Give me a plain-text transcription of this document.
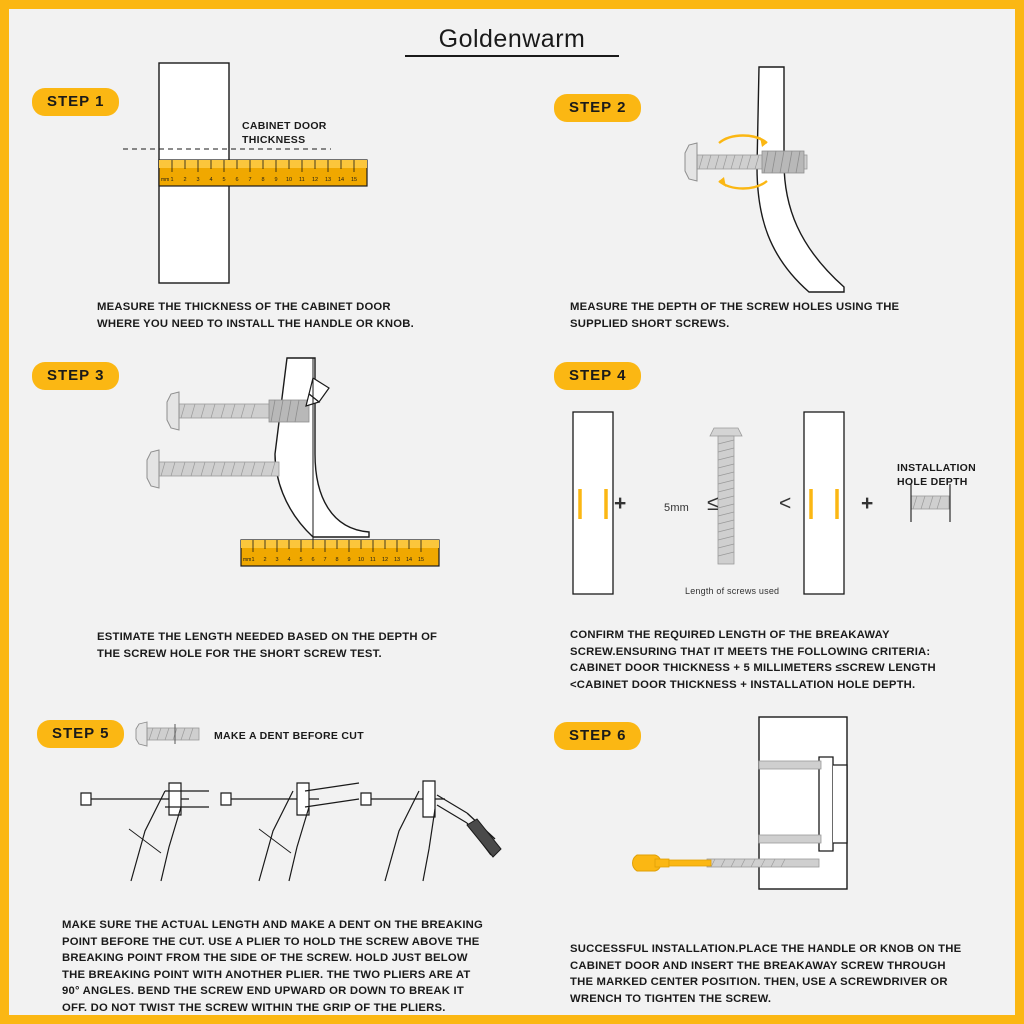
Goldenwarm
STEP 1
mm 1 2 3 4 5 6 7 8 9 10 11 12 13 14 15
CABINET DOOR
THICKNESS
MEASURE THE THICKNESS OF THE CABINET DOOR WHERE YOU NEED TO INSTALL THE HANDLE OR KNOB.
STEP 2
MEASURE THE DEPTH OF THE SCREW HOLES USING THE SUPPLIED SHORT SCREWS.
STEP 3
mm 1 2 3 4 5 6 7 8 9 10 11 12 13 14 15
ESTIMATE THE LENGTH NEEDED BASED ON THE DEPTH OF THE SCREW HOLE FOR THE SHORT SCREW TEST.
STEP 4
+	5mm ≤	<	+
Length of screws used
INSTALLATION
HOLE DEPTH
CONFIRM THE REQUIRED LENGTH OF THE BREAKAWAY SCREW.ENSURING THAT IT MEETS THE FOLLOWING CRITERIA: CABINET DOOR THICKNESS + 5 MILLIMETERS ≤SCREW LENGTH <CABINET DOOR THICKNESS + INSTALLATION HOLE DEPTH.
STEP 5	MAKE A DENT BEFORE CUT
MAKE SURE THE ACTUAL LENGTH AND MAKE A DENT ON THE BREAKING POINT BEFORE THE CUT. USE A PLIER TO HOLD THE SCREW ABOVE THE BREAKING POINT FROM THE SIDE OF THE SCREW. HOLD JUST BELOW THE BREAKING POINT WITH ANOTHER PLIER. THE TWO PLIERS ARE AT 90° ANGLES. BEND THE SCREW END UPWARD OR DOWN TO BREAK IT OFF. DO NOT TWIST THE SCREW WITHIN THE GRIP OF THE PLIERS.
STEP 6
SUCCESSFUL INSTALLATION.PLACE THE HANDLE OR KNOB ON THE CABINET DOOR AND INSERT THE BREAKAWAY SCREW THROUGH THE MARKED CENTER POSITION. THEN, USE A SCREWDRIVER OR WRENCH TO TIGHTEN THE SCREW.
